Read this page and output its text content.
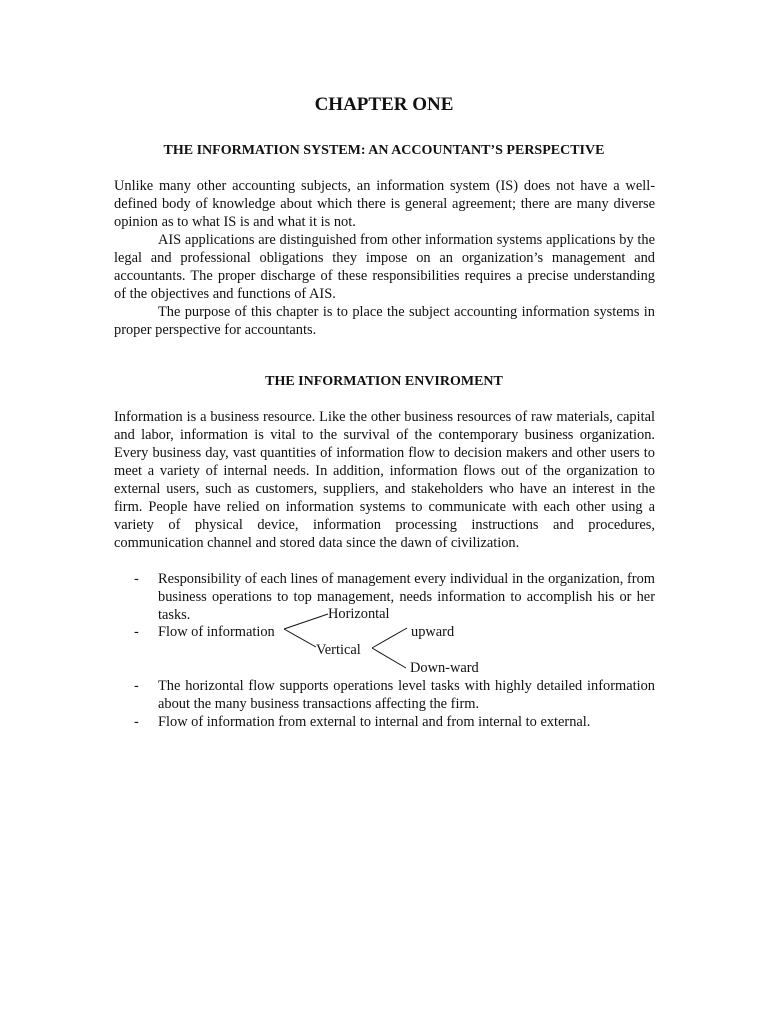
CHAPTER ONE
THE INFORMATION SYSTEM: AN ACCOUNTANT’S PERSPECTIVE

Unlike many other accounting subjects, an information system (IS) does not have a well-defined body of knowledge about which there is general agreement; there are many diverse opinion as to what IS is and what it is not.

AIS applications are distinguished from other information systems applications by the legal and professional obligations they impose on an organization’s management and accountants. The proper discharge of these responsibilities requires a precise understanding of the objectives and functions of AIS.

The purpose of this chapter is to place the subject accounting information systems in proper perspective for accountants.

THE INFORMATION ENVIROMENT

Information is a business resource. Like the other business resources of raw materials, capital and labor, information is vital to the survival of the contemporary business organization. Every business day, vast quantities of information flow to decision makers and other users to meet a variety of internal needs. In addition, information flows out of the organization to external users, such as customers, suppliers, and stakeholders who have an interest in the firm. People have relied on information systems to communicate with each other using a variety of physical device, information processing instructions and procedures, communication channel and stored data since the dawn of civilization.

- Responsibility of each lines of management every individual in the organization, from business operations to top management, needs information to accomplish his or her tasks.
- Flow of information
- The horizontal flow supports operations level tasks with highly detailed information about the many business transactions affecting the firm.
- Flow of information from external to internal and from internal to external.
Horizontal
Vertical
upward
Down-ward
